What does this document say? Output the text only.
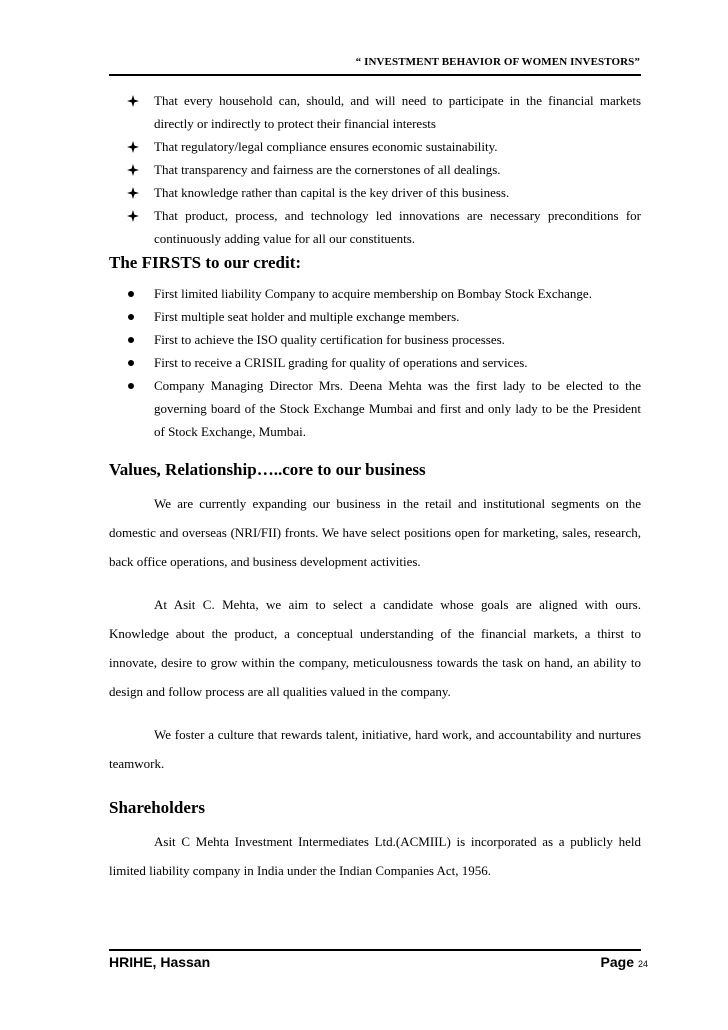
“ INVESTMENT BEHAVIOR OF WOMEN INVESTORS”
That every household can, should, and will need to participate in the financial markets directly or indirectly to protect their financial interests
That regulatory/legal compliance ensures economic sustainability.
That transparency and fairness are the cornerstones of all dealings.
That knowledge rather than capital is the key driver of this business.
That product, process, and technology led innovations are necessary preconditions for continuously adding value for all our constituents.
The FIRSTS to our credit:
First limited liability Company to acquire membership on Bombay Stock Exchange.
First multiple seat holder and multiple exchange members.
First to achieve the ISO quality certification for business processes.
First to receive a CRISIL grading for quality of operations and services.
Company Managing Director Mrs. Deena Mehta was the first lady to be elected to the governing board of the Stock Exchange Mumbai and first and only lady to be the President of Stock Exchange, Mumbai.
Values, Relationship…..core to our business

We are currently expanding our business in the retail and institutional segments on the domestic and overseas (NRI/FII) fronts. We have select positions open for marketing, sales, research, back office operations, and business development activities.

At Asit C. Mehta, we aim to select a candidate whose goals are aligned with ours. Knowledge about the product, a conceptual understanding of the financial markets, a thirst to innovate, desire to grow within the company, meticulousness towards the task on hand, an ability to design and follow process are all qualities valued in the company.

We foster a culture that rewards talent, initiative, hard work, and accountability and nurtures teamwork.

Shareholders

Asit C Mehta Investment Intermediates Ltd.(ACMIIL) is incorporated as a publicly held limited liability company in India under the Indian Companies Act, 1956.

HRIHE, Hassan	Page 24
